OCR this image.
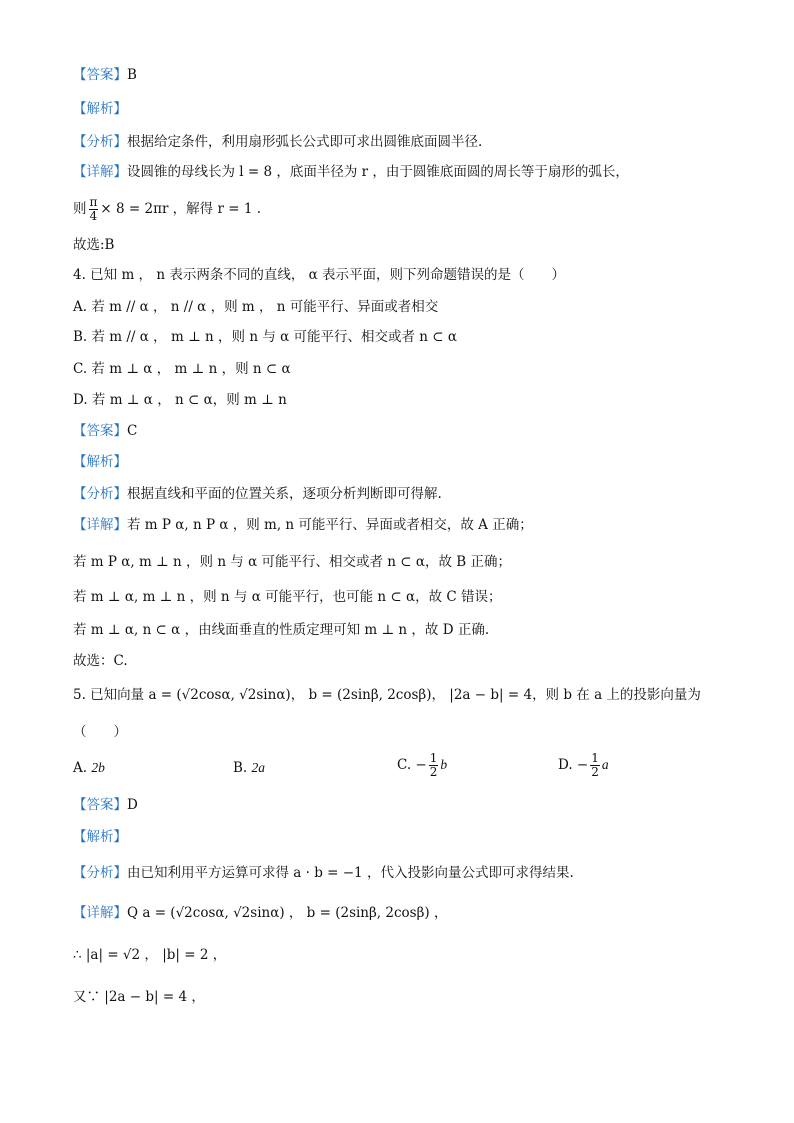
【答案】B
【解析】
【分析】根据给定条件，利用扇形弧长公式即可求出圆锥底面圆半径.
【详解】设圆锥的母线长为 l = 8 ，底面半径为 r ，由于圆锥底面圆的周长等于扇形的弧长，
则 $\frac{\pi}{4} \times 8 = 2\pi r$ ，解得 r = 1 .
故选:B
4. 已知 m ， n 表示两条不同的直线， α 表示平面，则下列命题错误的是（　　）
A. 若 m // α ， n // α ，则 m ， n 可能平行、异面或者相交
B. 若 m // α ， m ⊥ n ，则 n 与 α 可能平行、相交或者 n ⊂ α
C. 若 m ⊥ α ， m ⊥ n ，则 n ⊂ α
D. 若 m ⊥ α ， n ⊂ α，则 m ⊥ n
【答案】C
【解析】
【分析】根据直线和平面的位置关系，逐项分析判断即可得解.
【详解】若 m P α, n P α ，则 m, n 可能平行、异面或者相交，故 A 正确；
若 m P α, m ⊥ n ，则 n 与 α 可能平行、相交或者 n ⊂ α，故 B 正确；
若 m ⊥ α, m ⊥ n ，则 n 与 α 可能平行，也可能 n ⊂ α，故 C 错误；
若 m ⊥ α, n ⊂ α ，由线面垂直的性质定理可知 m ⊥ n ，故 D 正确.
故选：C.
5. 已知向量 a = (√2cosα, √2sinα)， b = (2sinβ, 2cosβ)， |2a − b| = 4，则 b 在 a 上的投影向量为
（　　）
A. 2b	B. 2a	C. − $\frac{1}{2}$ b	D. − $\frac{1}{2}$ a
【答案】D
【解析】
【分析】由已知利用平方运算可求得 a · b = −1 ，代入投影向量公式即可求得结果.
【详解】Q a = (√2cosα, √2sinα) ， b = (2sinβ, 2cosβ) ，
∴ |a| = √2 ， |b| = 2 ，
又∵ |2a − b| = 4 ，
